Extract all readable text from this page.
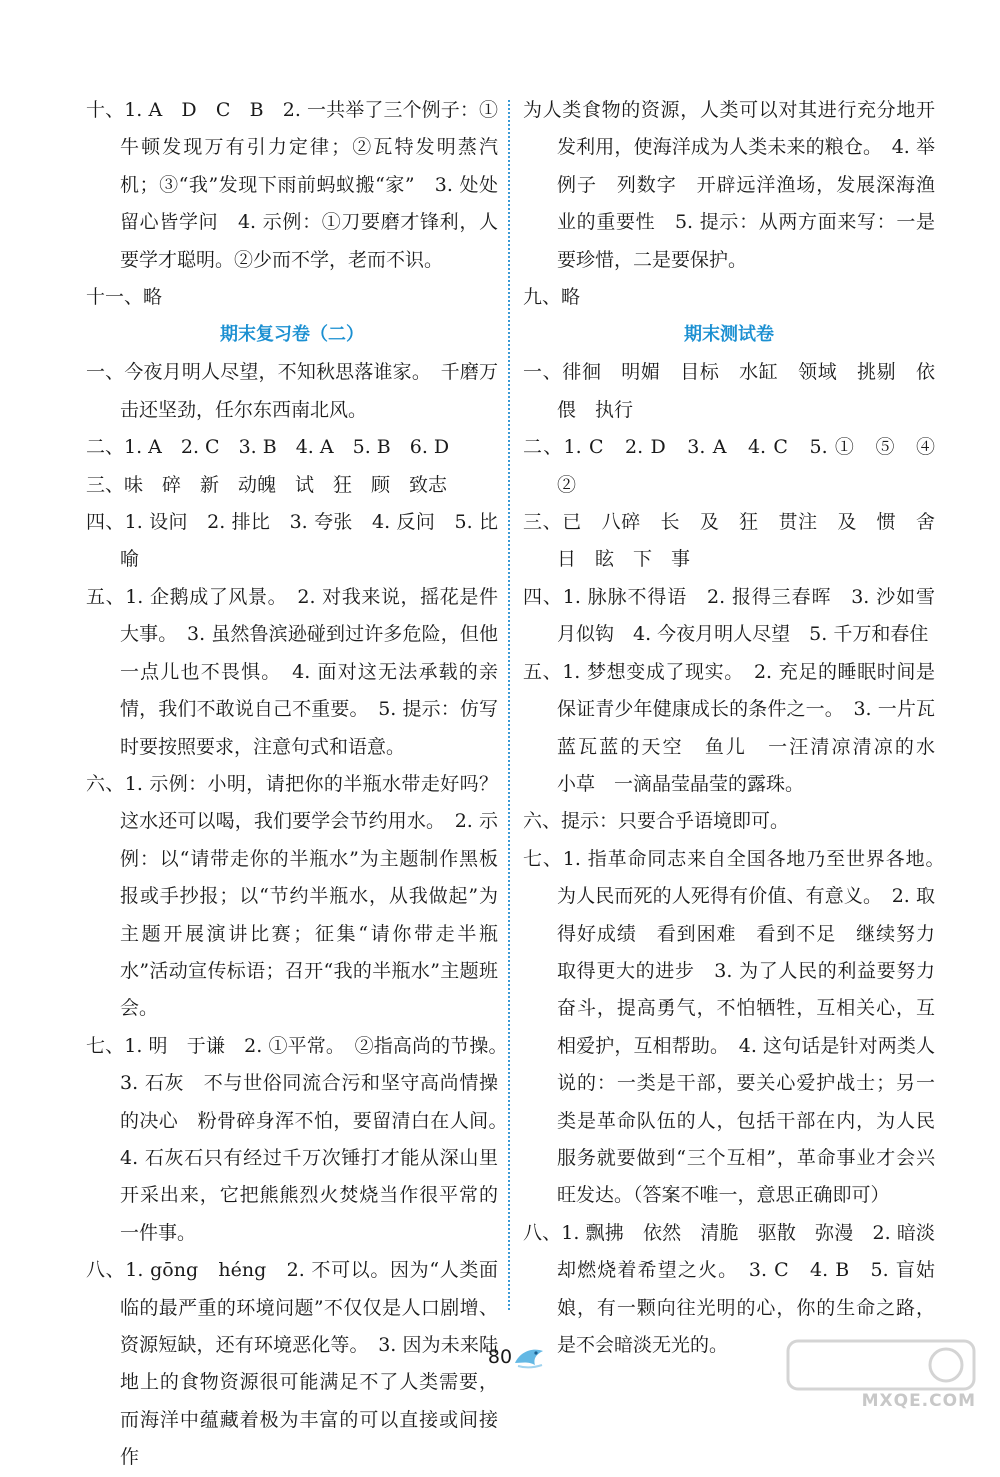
十、1. A　D　C　B　2. 一共举了三个例子：①牛顿发现万有引力定律；②瓦特发明蒸汽机；③“我”发现下雨前蚂蚁搬“家”　3. 处处留心皆学问　4. 示例：①刀要磨才锋利，人要学才聪明。②少而不学，老而不识。

十一、略

期末复习卷（二）

一、今夜月明人尽望，不知秋思落谁家。　千磨万击还坚劲，任尔东西南北风。

二、1. A　2. C　3. B　4. A　5. B　6. D

三、味　碎　新　动魄　试　狂　顾　致志

四、1. 设问　2. 排比　3. 夸张　4. 反问　5. 比喻

五、1. 企鹅成了风景。　2. 对我来说，摇花是件大事。　3. 虽然鲁滨逊碰到过许多危险，但他一点儿也不畏惧。　4. 面对这无法承载的亲情，我们不敢说自己不重要。　5. 提示：仿写时要按照要求，注意句式和语意。

六、1. 示例：小明，请把你的半瓶水带走好吗？这水还可以喝，我们要学会节约用水。　2. 示例：以“请带走你的半瓶水”为主题制作黑板报或手抄报；以“节约半瓶水，从我做起”为主题开展演讲比赛；征集“请你带走半瓶水”活动宣传标语；召开“我的半瓶水”主题班会。

七、1. 明　于谦　2. ①平常。　②指高尚的节操。　3. 石灰　不与世俗同流合污和坚守高尚情操的决心　粉骨碎身浑不怕，要留清白在人间。　4. 石灰石只有经过千万次锤打才能从深山里开采出来，它把熊熊烈火焚烧当作很平常的一件事。

八、1. gōng　héng　2. 不可以。因为“人类面临的最严重的环境问题”不仅仅是人口剧增、资源短缺，还有环境恶化等。　3. 因为未来陆地上的食物资源很可能满足不了人类需要，而海洋中蕴藏着极为丰富的可以直接或间接作

为人类食物的资源，人类可以对其进行充分地开发利用，使海洋成为人类未来的粮仓。　4. 举例子　列数字　开辟远洋渔场，发展深海渔业的重要性　5. 提示：从两方面来写：一是要珍惜，二是要保护。

九、略

期末测试卷

一、徘徊　明媚　目标　水缸　领域　挑剔　依偎　执行

二、1. C　2. D　3. A　4. C　5. ①　⑤　④　②

三、已　八碎　长　及　狂　贯注　及　惯　舍　日　眩　下　事

四、1. 脉脉不得语　2. 报得三春晖　3. 沙如雪　月似钩　4. 今夜月明人尽望　5. 千万和春住

五、1. 梦想变成了现实。　2. 充足的睡眠时间是保证青少年健康成长的条件之一。　3. 一片瓦蓝瓦蓝的天空　鱼儿　一汪清凉清凉的水　小草　一滴晶莹晶莹的露珠。

六、提示：只要合乎语境即可。

七、1. 指革命同志来自全国各地乃至世界各地。　为人民而死的人死得有价值、有意义。　2. 取得好成绩　看到困难　看到不足　继续努力取得更大的进步　3. 为了人民的利益要努力奋斗，提高勇气，不怕牺牲，互相关心，互相爱护，互相帮助。　4. 这句话是针对两类人说的：一类是干部，要关心爱护战士；另一类是革命队伍的人，包括干部在内，为人民服务就要做到“三个互相”，革命事业才会兴旺发达。（答案不唯一，意思正确即可）

八、1. 飘拂　依然　清脆　驱散　弥漫　2. 暗淡却燃烧着希望之火。　3. C　4. B　5. 盲姑娘，有一颗向往光明的心，你的生命之路，是不会暗淡无光的。

80
MXQE.COM
